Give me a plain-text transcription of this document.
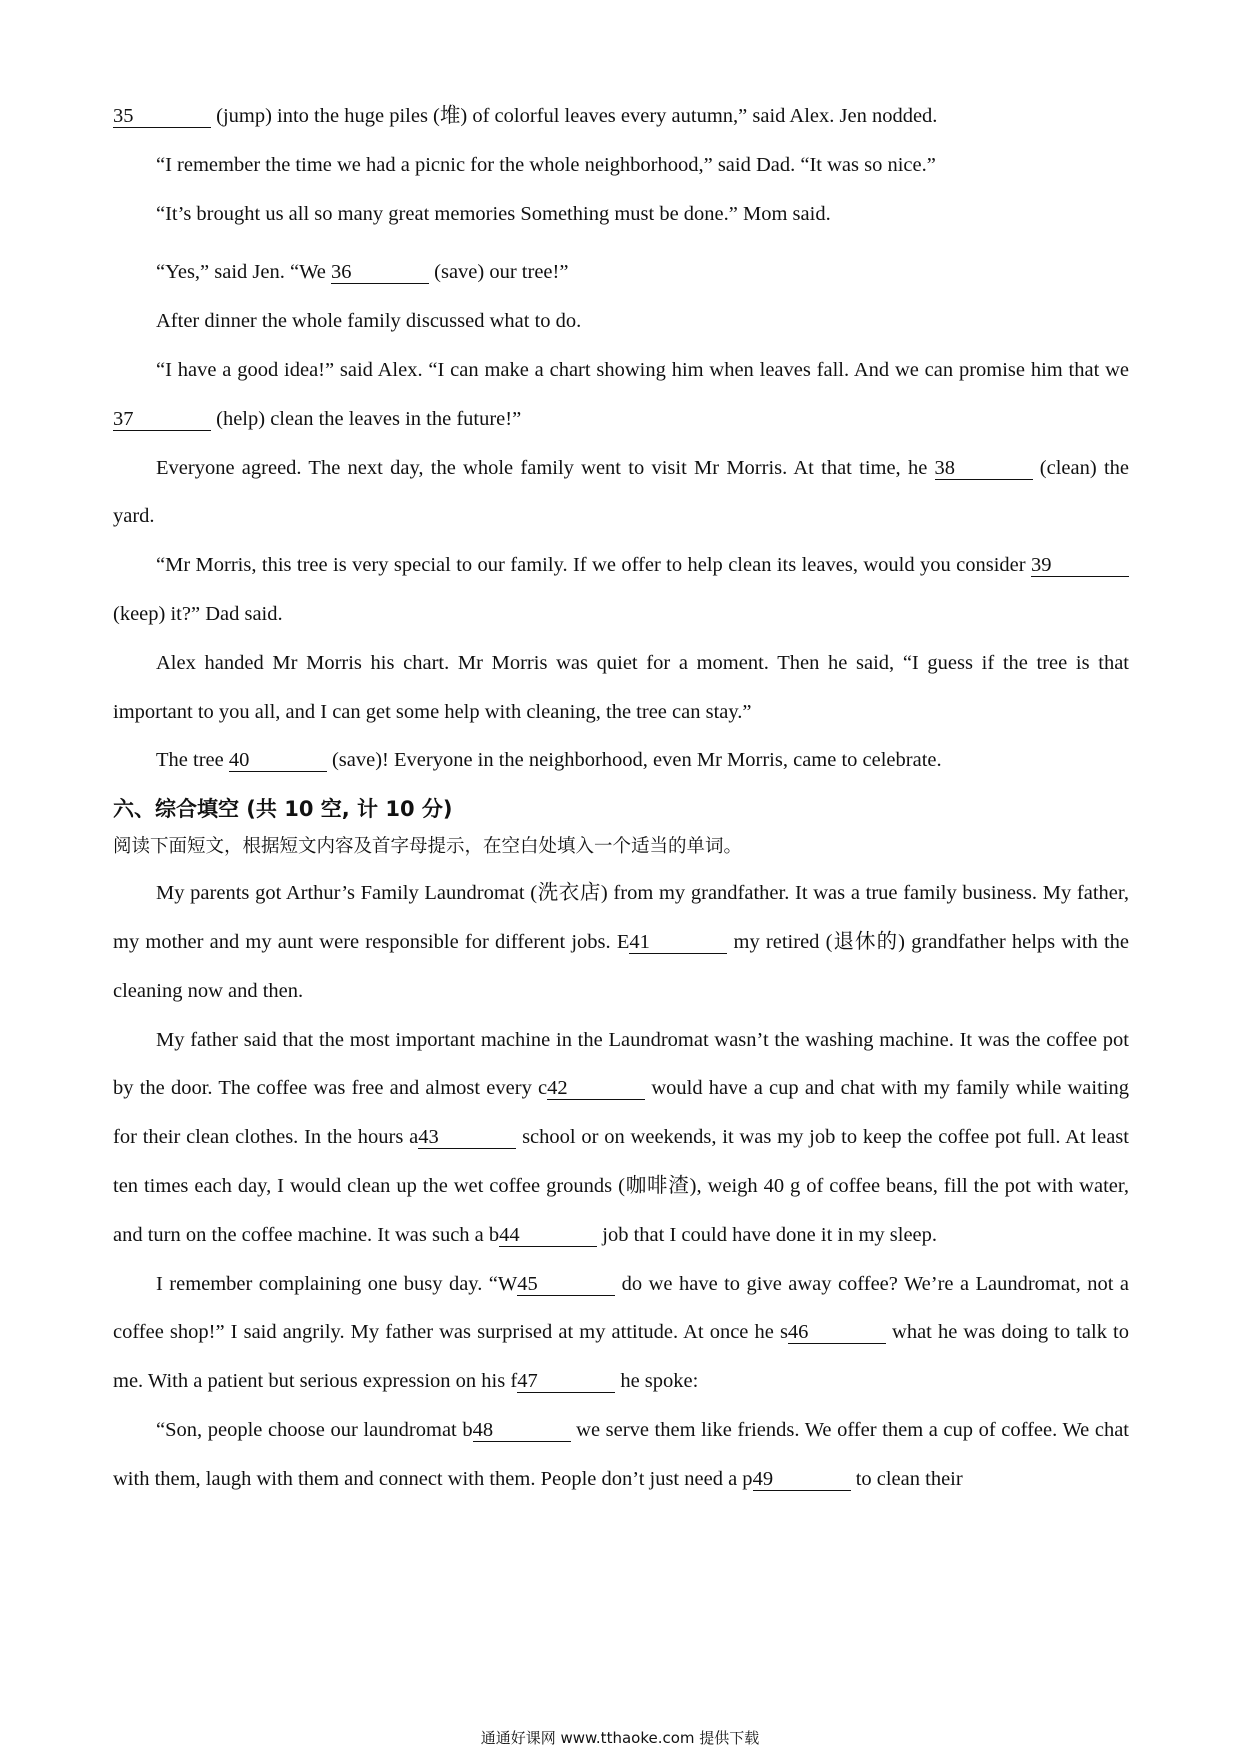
35	(jump) into the huge piles (堆) of colorful leaves every autumn,” said Alex. Jen nodded.

“I remember the time we had a picnic for the whole neighborhood,” said Dad. “It was so nice.”

“It’s brought us all so many great memories Something must be done.” Mom said.

“Yes,” said Jen. “We 36	(save) our tree!”

After dinner the whole family discussed what to do.

“I have a good idea!” said Alex. “I can make a chart showing him when leaves fall. And we can promise him that we 37	(help) clean the leaves in the future!”

Everyone agreed. The next day, the whole family went to visit Mr Morris. At that time, he 38	(clean) the yard.

“Mr Morris, this tree is very special to our family. If we offer to help clean its leaves, would you consider 39 (keep) it?” Dad said.

Alex handed Mr Morris his chart. Mr Morris was quiet for a moment. Then he said, “I guess if the tree is that important to you all, and I can get some help with cleaning, the tree can stay.”

The tree 40	(save)! Everyone in the neighborhood, even Mr Morris, came to celebrate.

六、综合填空 (共 10 空, 计 10 分)
阅读下面短文，根据短文内容及首字母提示，在空白处填入一个适当的单词。

My parents got Arthur’s Family Laundromat (洗衣店) from my grandfather. It was a true family business. My father, my mother and my aunt were responsible for different jobs. E41	my retired (退休的) grandfather helps with the cleaning now and then.

My father said that the most important machine in the Laundromat wasn’t the washing machine. It was the coffee pot by the door. The coffee was free and almost every c42	would have a cup and chat with my family while waiting for their clean clothes. In the hours a43	school or on weekends, it was my job to keep the coffee pot full. At least ten times each day, I would clean up the wet coffee grounds (咖啡渣), weigh 40 g of coffee beans, fill the pot with water, and turn on the coffee machine. It was such a b44	job that I could have done it in my sleep.

I remember complaining one busy day. “W45	do we have to give away coffee? We’re a Laundromat, not a coffee shop!” I said angrily. My father was surprised at my attitude. At once he s46	what he was doing to talk to me. With a patient but serious expression on his f47	he spoke:

“Son, people choose our laundromat b48	we serve them like friends. We offer them a cup of coffee. We chat with them, laugh with them and connect with them. People don’t just need a p49	to clean their

通通好课网 www.tthaoke.com 提供下载
